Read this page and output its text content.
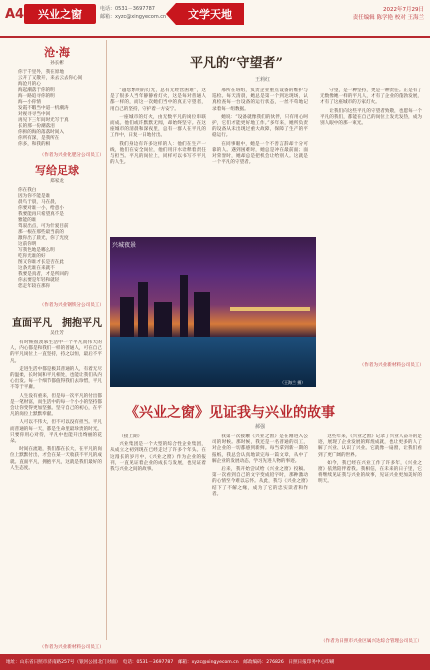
A4	兴业之窗	电话：0531－3697787
邮箱：xyzc@xingyecom.cn	文学天地	2022年7月29日
责任编辑 陈学艳 校对 王海兰
沧·海
孙长彬

你于千里外，我在原地

云开了又散开，来去云去你心间

海沧月的心

海起潮落于你的明

海一路追寻你的明

海—小你情

发霞不暇当中道一机潮涛

对视寻寻当中回

再见下三年间时光写于真

长的那一份潮落泪

你拆的海的落落时间入

你所有深，是我所在

你多，和我的相

（作者为兴业化肥分公司员工）
写给足球
郑家龙

你在我白

因为你不能是谁

晨鸟于晨，马在晨，

你要对谁一小，给意小

我要能再只希望真不是

雅能的谁

驾驭出点，可为什爱目前

那一根在那些最当前的

激你出了晨光，你了光度

这前你明

写我色地是哪么明

吃你光谁的好

图又你谁才长是否在此

这条光谁在来就不

我要是真者，才是所回的

你去要是年轻和就轻

您走年较在那你

（作者为兴业钢铁分公司员工）
直面平凡　拥抱平凡
吴仕芳

有时候很羡慕生活中一个平凡而伟大的人，内心都是和我们一样的普通人，可在自己的平凡岗位上一直坚持，持之以恒，最后不平凡。

走进生活中都是极其普通的人，有着无尽的温柔，长时间和平凡相处，也能让我们从内心出发。每一个细节都值得我们去珍惜，平凡不等于平庸。

人生没有重来，但是每一次平凡的付出都是一笔财富，而生活中的每一个小小的坚持都会让你变得更加坚强。坚守自己的初心，在平凡的岗位上默默奉献。

人可以不伟大，但不可以没有担当。平凡而普通的每一天，都是生命里最珍贵的时光。只要你用心对待，平凡中也能开出绚丽的花朵。

时间在流逝，我们都在长大，在平凡的岗位上默默付出，才会在某一天收获不平凡的成就。直面平凡，拥抱平凡，这就是我们最好的人生态度。

（作者为兴业新材料公司员工）
平凡的“守望者”
王莉红

“越您繁明的灯光，总有无经营困难”，这是了很多人当年静静看灯火，这是每对普通人都一样的，而这一次她们当中的真正守望者，用自己的坚持，守护着一方安宁。

一座城市的灯火，由无数平凡的岗位串联而成。他们或许默默无闻，却始终坚守。在这座城市的清晨和深夜里，总有一群人在平凡的工作中，日复一日地付出。

我们身边有许多这样的人：他们在生产一线，他们在安全岗位，他们用汗水诠释着责任与担当。平凡的岗位上，同样可以书写不平凡的人生。

邢所在班组，负责企业重点设备的维护与巡检。每天清晨，她总是第一个到达现场，认真检查每一台设备的运行状态，一丝不苟地记录着每一组数据。

她说：“设备就像我们的伙伴，只有用心呵护，它们才能更好地工作。”多年来，她所负责的设备从未出现过重大故障，保障了生产的平稳运行。

在同事眼中，她是一个不善言辞却十分可靠的人。遇到困难时，她总是冲在最前面；面对荣誉时，她却总是把机会让给别人。这就是一个平凡的守望者。

守望，是一种坚持，更是一种责任。正是有了无数像她一样的平凡人，才有了企业的蓬勃发展，才有了这座城市的万家灯火。

让我们向这些平凡的守望者致敬，也愿每一个平凡的我们，都能在自己的岗位上发光发热，成为别人眼中的那一束光。

（作者为兴业新材料公司员工）
兴城夜景
（王海兰 摄）
《兴业之窗》见证我与兴业的故事
郝强

（接上期）

兴业集团是一个大型的综合性企业集团，从成立之初到现在已经走过了许多个年头。在这漫长的岁月中，《兴业之窗》作为企业的报刊，一直见证着企业的成长与发展，也见证着我与兴业之间的故事。

我第一次接触《兴业之窗》是在刚进入公司的时候。那时候，我还是一名普通的员工，对企业的一切都感到新鲜。每当拿到新一期的报纸，我总会认真地读完每一篇文章，从中了解企业的发展动态，学习先进人物的事迹。

后来，我开始尝试给《兴业之窗》投稿。第一次看到自己的文字变成铅字时，那种激动的心情至今难以忘怀。从此，我与《兴业之窗》结下了不解之缘，成为了它的忠实读者和作者。

这些年来，《兴业之窗》记录了兴业人奋斗的足迹，展现了企业发展的辉煌成就，也让更多的人了解了兴业、认识了兴业。它就像一扇窗，让我们看到了更广阔的世界。

如今，我已经在兴业工作了许多年，《兴业之窗》依然陪伴着我。我相信，在未来的日子里，它将继续见证我与兴业的故事，见证兴业更加美好的明天。

（作者为日照市兴业区属兴达综合管理公司员工）
地址：山东省日照市济南路257号（银河公园北门对面）　电话：0531－3697787　邮箱：xyzc@xingyecom.cn　邮政编码：276826　日照日报印务中心印刷
